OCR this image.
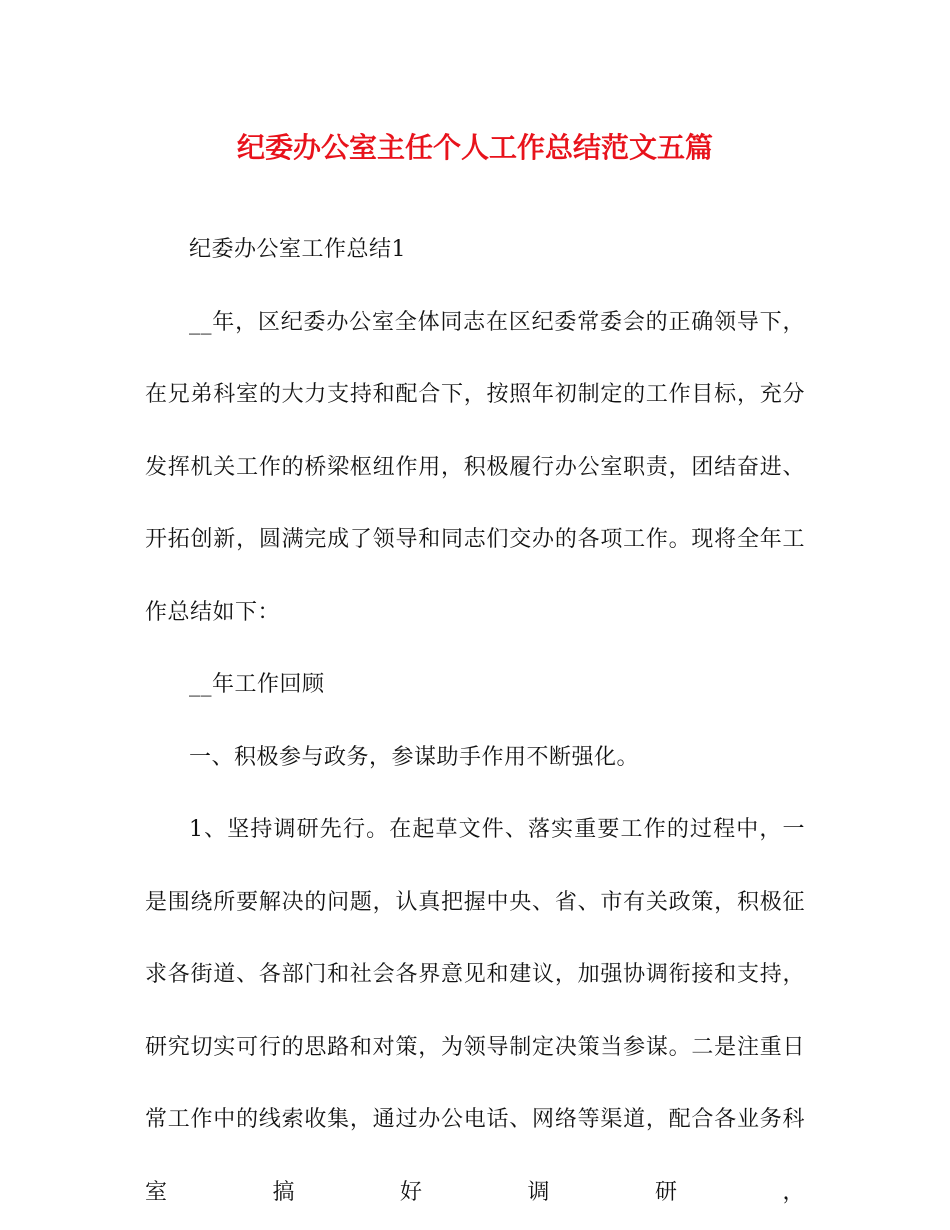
纪委办公室主任个人工作总结范文五篇

纪委办公室工作总结1

__年，区纪委办公室全体同志在区纪委常委会的正确领导下，在兄弟科室的大力支持和配合下，按照年初制定的工作目标，充分发挥机关工作的桥梁枢纽作用，积极履行办公室职责，团结奋进、开拓创新，圆满完成了领导和同志们交办的各项工作。现将全年工作总结如下：

__年工作回顾

一、积极参与政务，参谋助手作用不断强化。

1、坚持调研先行。在起草文件、落实重要工作的过程中，一是围绕所要解决的问题，认真把握中央、省、市有关政策，积极征求各街道、各部门和社会各界意见和建议，加强协调衔接和支持，研究切实可行的思路和对策，为领导制定决策当参谋。二是注重日常工作中的线索收集，通过办公电话、网络等渠道，配合各业务科室搞好调研，
